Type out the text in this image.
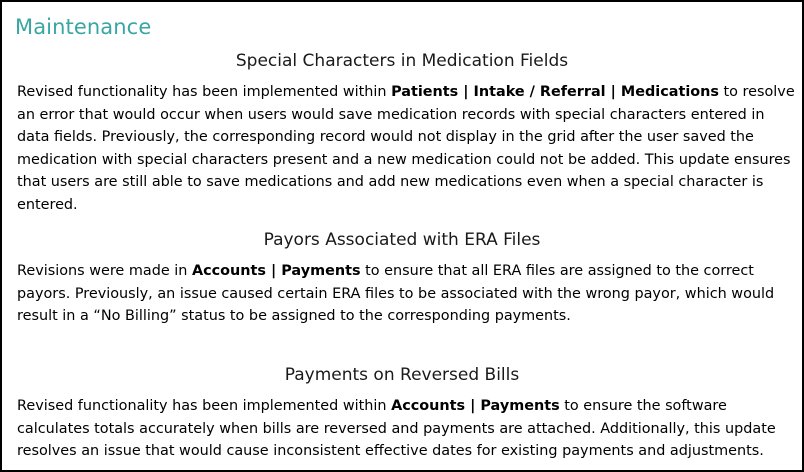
Maintenance
Special Characters in Medication Fields
Revised functionality has been implemented within Patients | Intake / Referral | Medications to resolve an error that would occur when users would save medication records with special characters entered in data fields. Previously, the corresponding record would not display in the grid after the user saved the medication with special characters present and a new medication could not be added. This update ensures that users are still able to save medications and add new medications even when a special character is entered.
Payors Associated with ERA Files
Revisions were made in Accounts | Payments to ensure that all ERA files are assigned to the correct payors. Previously, an issue caused certain ERA files to be associated with the wrong payor, which would result in a “No Billing” status to be assigned to the corresponding payments.
Payments on Reversed Bills
Revised functionality has been implemented within Accounts | Payments to ensure the software calculates totals accurately when bills are reversed and payments are attached. Additionally, this update resolves an issue that would cause inconsistent effective dates for existing payments and adjustments.
